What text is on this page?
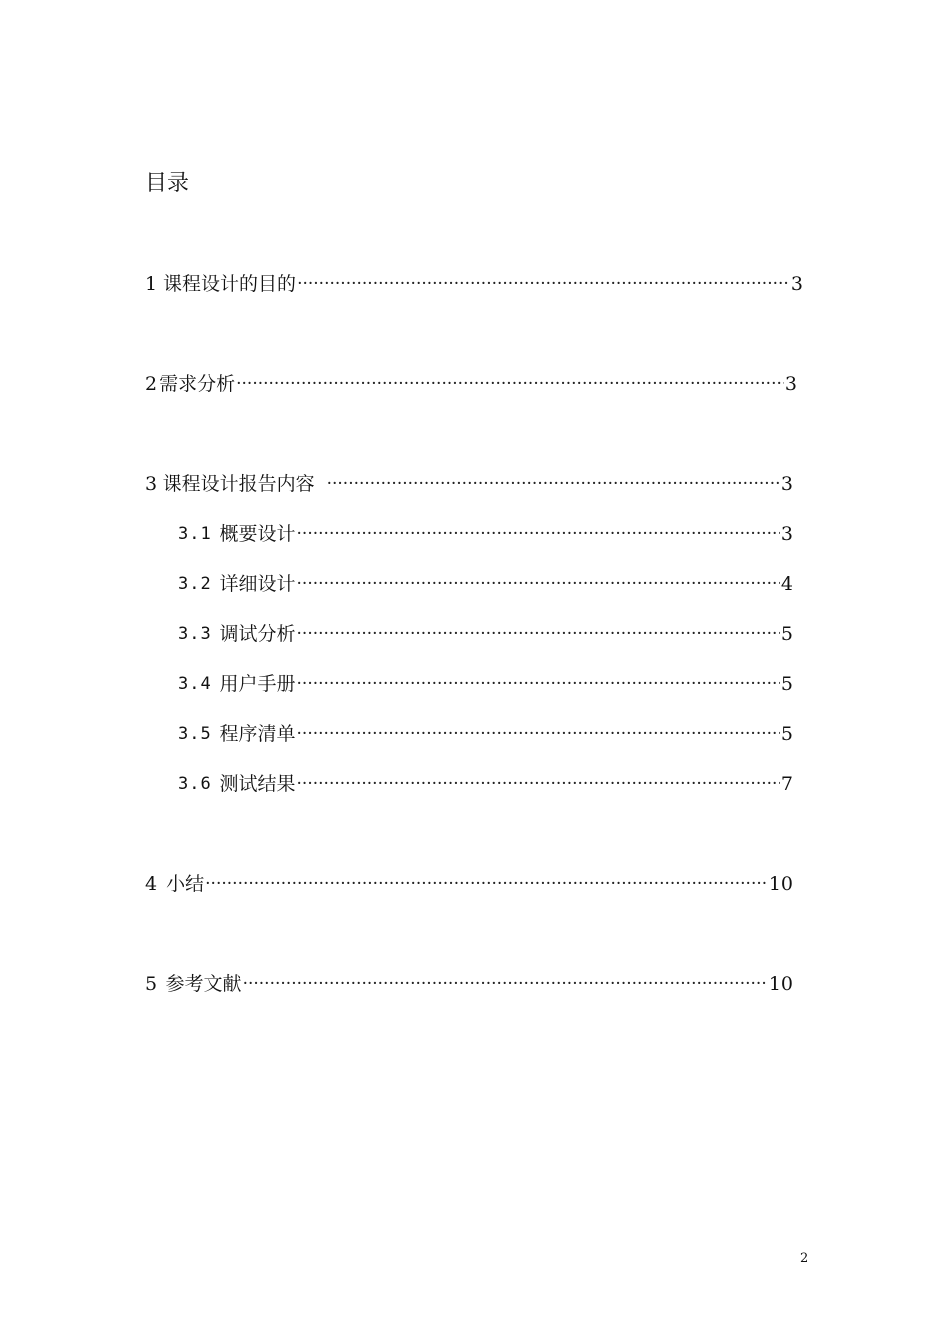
目录
1 课程设计的目的 ·····	3
2 需求分析 ·····	3
3 课程设计报告内容 ·····	3
3.1 概要设计 ·····	3
3.2 详细设计 ·····	4
3.3 调试分析 ·····	5
3.4 用户手册 ·····	5
3.5 程序清单 ·····	5
3.6 测试结果 ·····	7
4 小结 ·····	10
5 参考文献 ·····	10
2
